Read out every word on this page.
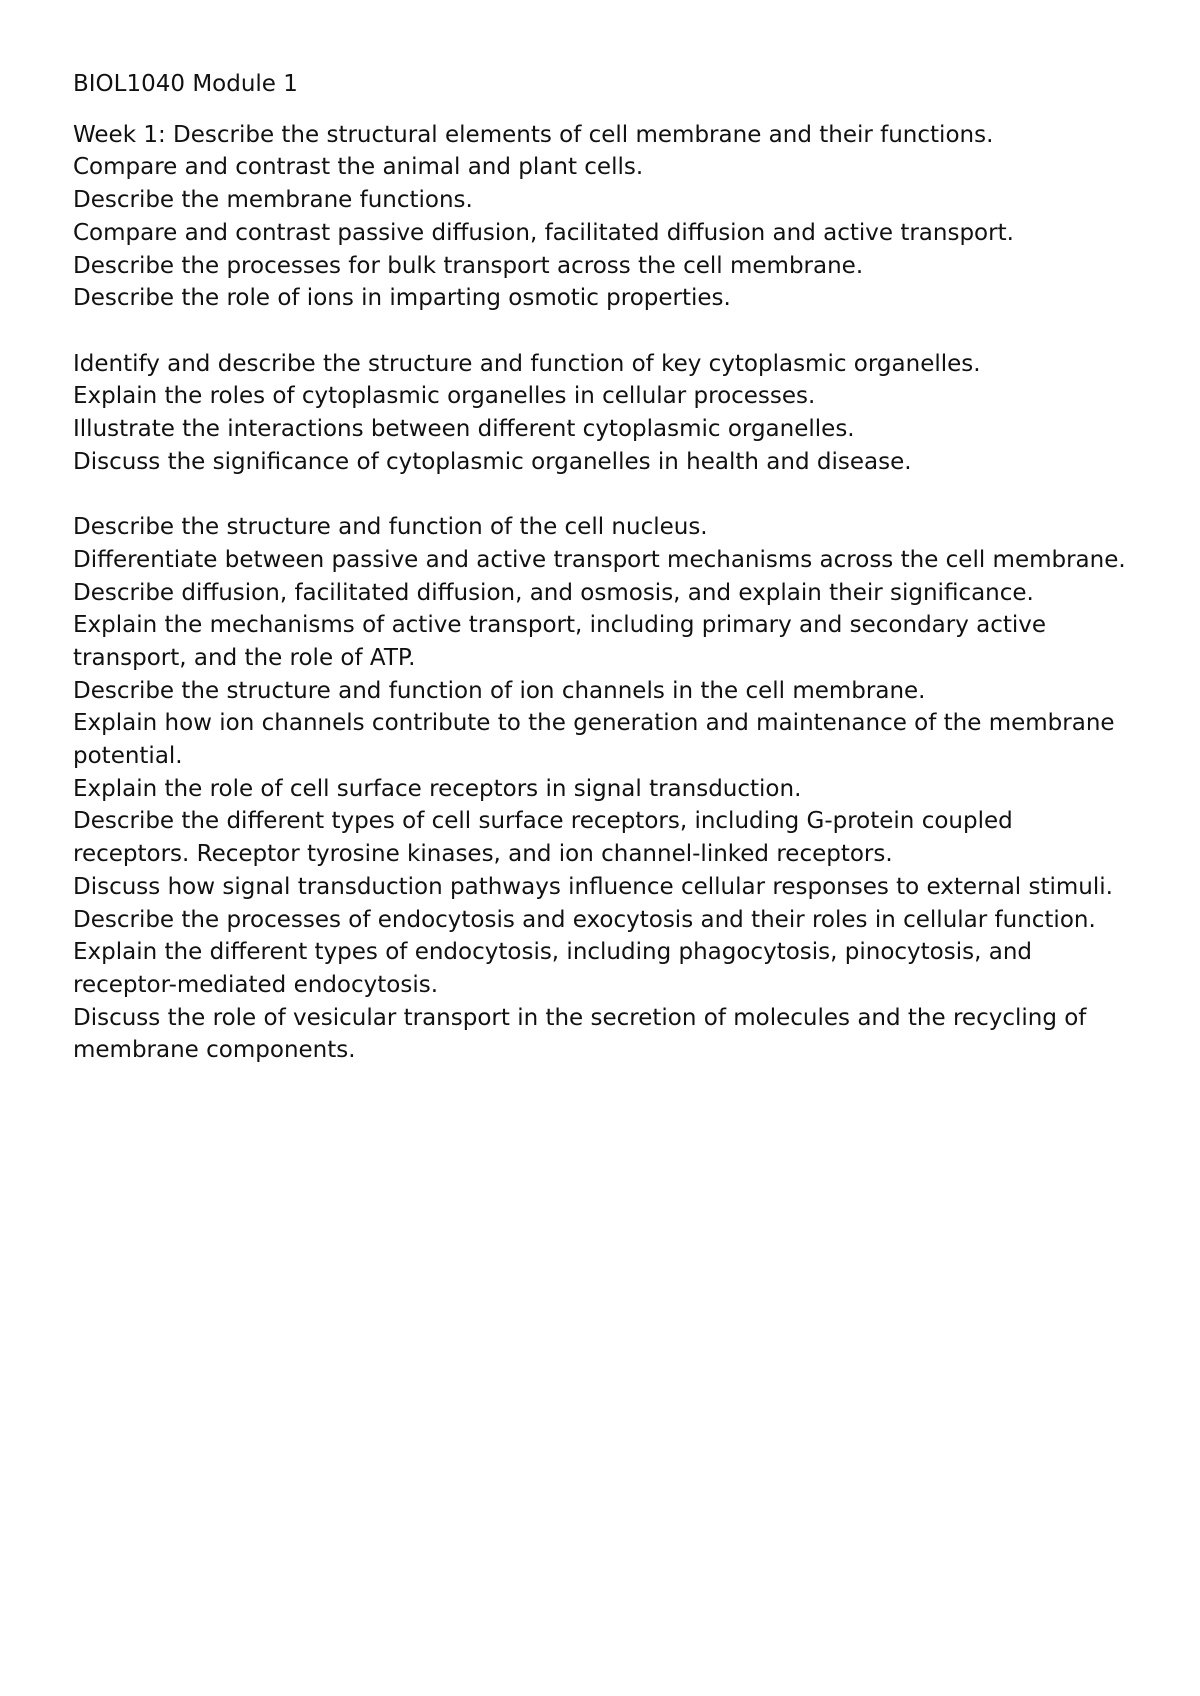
BIOL1040 Module 1

Week 1: Describe the structural elements of cell membrane and their functions.

Compare and contrast the animal and plant cells.

Describe the membrane functions.

Compare and contrast passive diffusion, facilitated diffusion and active transport.

Describe the processes for bulk transport across the cell membrane.

Describe the role of ions in imparting osmotic properties.

Identify and describe the structure and function of key cytoplasmic organelles.

Explain the roles of cytoplasmic organelles in cellular processes.

Illustrate the interactions between different cytoplasmic organelles.

Discuss the significance of cytoplasmic organelles in health and disease.

Describe the structure and function of the cell nucleus.

Differentiate between passive and active transport mechanisms across the cell membrane.

Describe diffusion, facilitated diffusion, and osmosis, and explain their significance.

Explain the mechanisms of active transport, including primary and secondary active transport, and the role of ATP.

Describe the structure and function of ion channels in the cell membrane.

Explain how ion channels contribute to the generation and maintenance of the membrane potential.

Explain the role of cell surface receptors in signal transduction.

Describe the different types of cell surface receptors, including G-protein coupled receptors. Receptor tyrosine kinases, and ion channel-linked receptors.

Discuss how signal transduction pathways influence cellular responses to external stimuli.

Describe the processes of endocytosis and exocytosis and their roles in cellular function.

Explain the different types of endocytosis, including phagocytosis, pinocytosis, and receptor-mediated endocytosis.

Discuss the role of vesicular transport in the secretion of molecules and the recycling of membrane components.
